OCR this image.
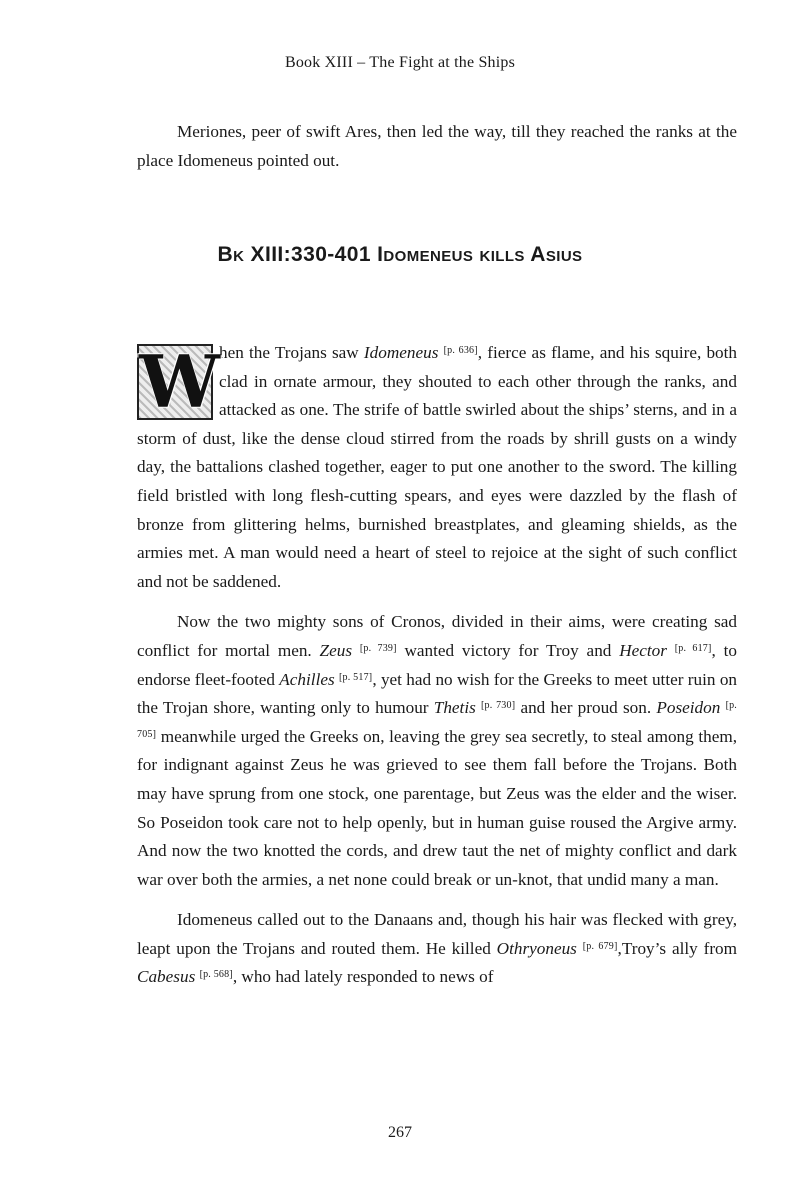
Book XIII – The Fight at the Ships

Meriones, peer of swift Ares, then led the way, till they reached the ranks at the place Idomeneus pointed out.

Bk XIII:330-401 Idomeneus kills Asius

W hen the Trojans saw Idomeneus [p. 636], fierce as flame, and his squire, both clad in ornate armour, they shouted to each other through the ranks, and attacked as one. The strife of battle swirled about the ships’ sterns, and in a storm of dust, like the dense cloud stirred from the roads by shrill gusts on a windy day, the battalions clashed together, eager to put one another to the sword. The killing field bristled with long flesh-cutting spears, and eyes were dazzled by the flash of bronze from glittering helms, burnished breastplates, and gleaming shields, as the armies met. A man would need a heart of steel to rejoice at the sight of such conflict and not be saddened.

Now the two mighty sons of Cronos, divided in their aims, were creating sad conflict for mortal men. Zeus [p. 739] wanted victory for Troy and Hector [p. 617], to endorse fleet-footed Achilles [p. 517], yet had no wish for the Greeks to meet utter ruin on the Trojan shore, wanting only to humour Thetis [p. 730] and her proud son. Poseidon [p. 705] meanwhile urged the Greeks on, leaving the grey sea secretly, to steal among them, for indignant against Zeus he was grieved to see them fall before the Trojans. Both may have sprung from one stock, one parentage, but Zeus was the elder and the wiser. So Poseidon took care not to help openly, but in human guise roused the Argive army. And now the two knotted the cords, and drew taut the net of mighty conflict and dark war over both the armies, a net none could break or un-knot, that undid many a man.

Idomeneus called out to the Danaans and, though his hair was flecked with grey, leapt upon the Trojans and routed them. He killed Othryoneus [p. 679],Troy’s ally from Cabesus [p. 568], who had lately responded to news of

267
